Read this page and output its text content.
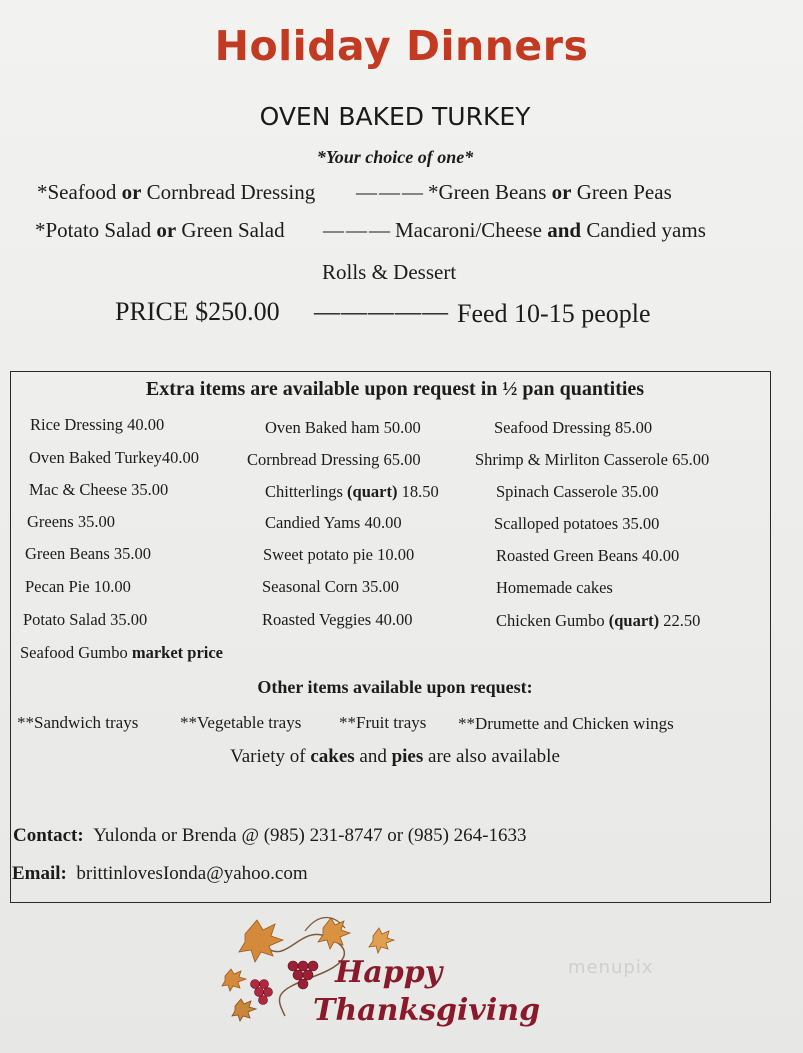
Holiday Dinners
OVEN BAKED TURKEY
*Your choice of one*
*Seafood or Cornbread Dressing ——— *Green Beans or Green Peas
*Potato Salad or Green Salad ——— Macaroni/Cheese and Candied yams
Rolls & Dessert
PRICE $250.00 ————— Feed 10-15 people
Extra items are available upon request in ½ pan quantities
Rice Dressing 40.00
Oven Baked Turkey40.00
Mac & Cheese 35.00
Greens 35.00
Green Beans 35.00
Pecan Pie 10.00
Potato Salad 35.00
Seafood Gumbo market price
Oven Baked ham 50.00
Cornbread Dressing 65.00
Chitterlings (quart) 18.50
Candied Yams 40.00
Sweet potato pie 10.00
Seasonal Corn 35.00
Roasted Veggies 40.00
Seafood Dressing 85.00
Shrimp & Mirliton Casserole 65.00
Spinach Casserole 35.00
Scalloped potatoes 35.00
Roasted Green Beans 40.00
Homemade cakes
Chicken Gumbo (quart) 22.50
Other items available upon request:
**Sandwich trays **Vegetable trays **Fruit trays **Drumette and Chicken wings
Variety of cakes and pies are also available
Contact: Yulonda or Brenda @ (985) 231-8747 or (985) 264-1633
Email: brittinlovesIonda@yahoo.com
Happy
Thanksgiving
menupix
